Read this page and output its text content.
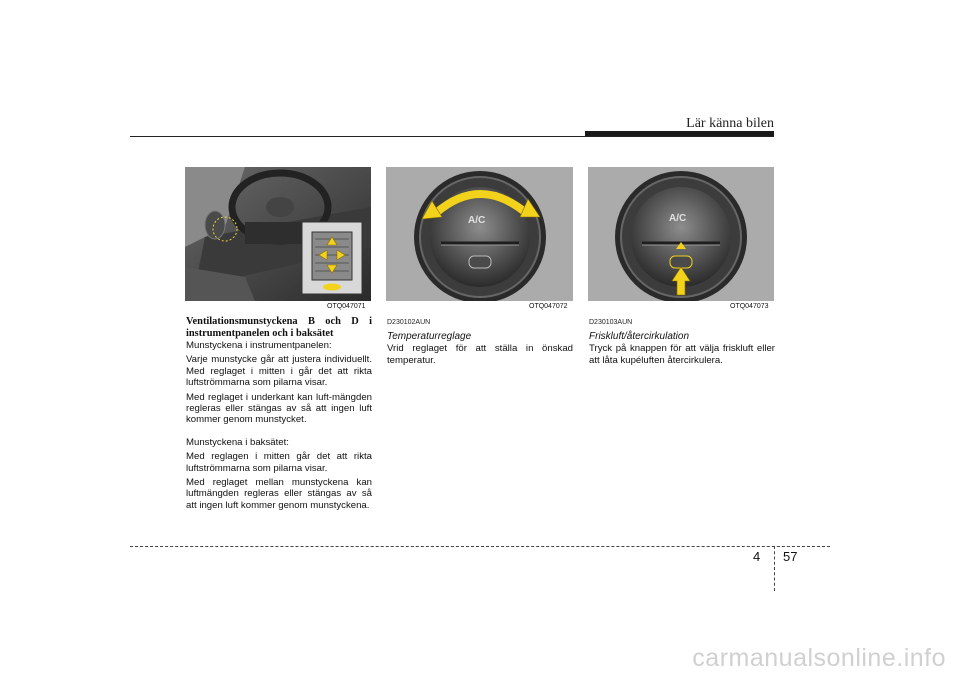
Lär känna bilen
OTQ047071
A/C
OTQ047072
A/C
OTQ047073

Ventilationsmunstyckena B och D i instrumentpanelen och i baksätet

Munstyckena i instrumentpanelen:

Varje munstycke går att justera individuellt. Med reglaget i mitten i går det att rikta luftströmmarna som pilarna visar.

Med reglaget i underkant kan luft-mängden regleras eller stängas av så att ingen luft kommer genom munstycket.

Munstyckena i baksätet:

Med reglagen i mitten går det att rikta luftströmmarna som pilarna visar.

Med reglaget mellan munstyckena kan luftmängden regleras eller stängas av så att ingen luft kommer genom munstyckena.

D230102AUN

Temperaturreglage

Vrid reglaget för att ställa in önskad temperatur.

D230103AUN

Friskluft/återcirkulation

Tryck på knappen för att välja friskluft eller att låta kupéluften återcirkulera.

4 57
carmanualsonline.info
